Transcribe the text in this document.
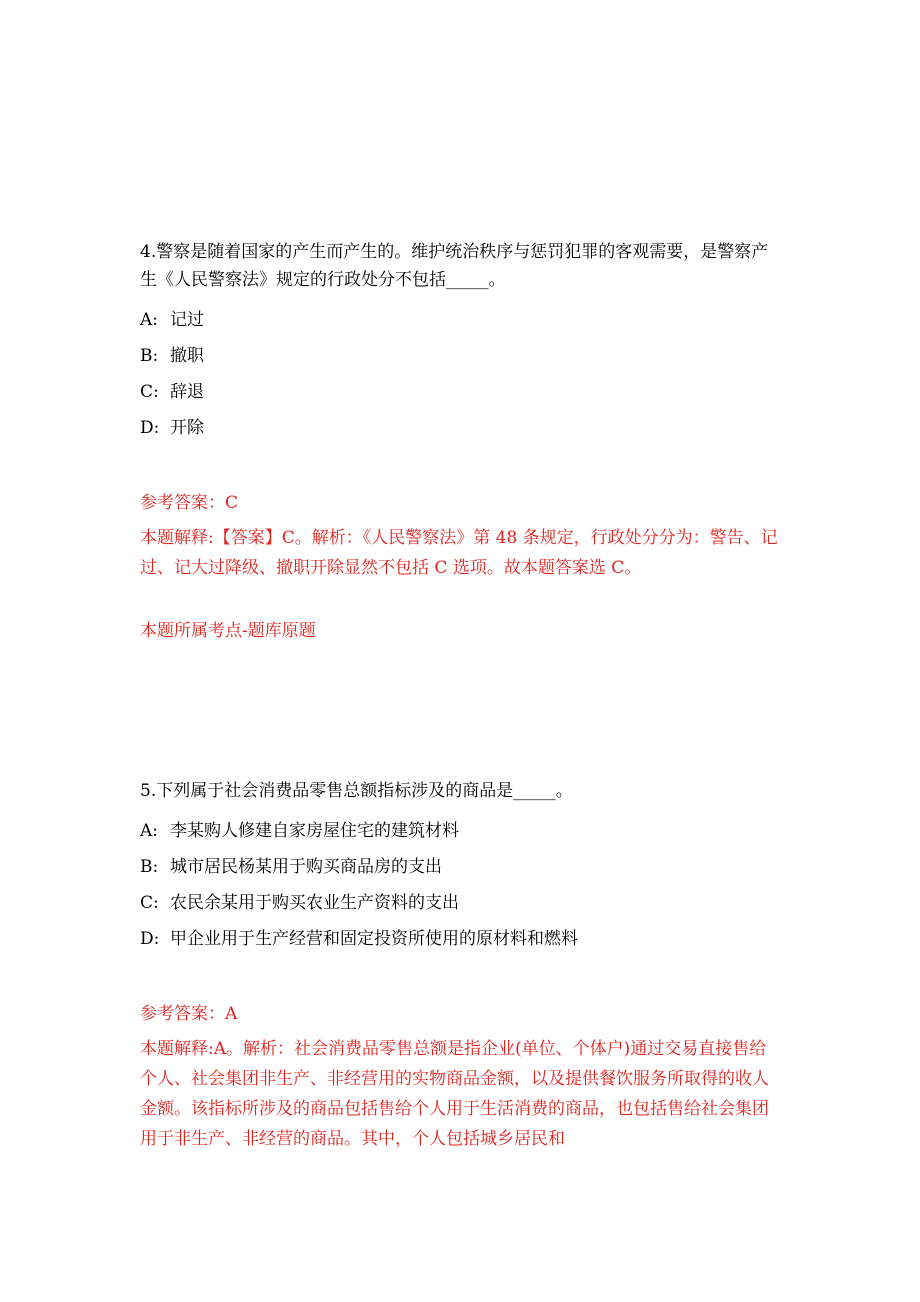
4.警察是随着国家的产生而产生的。维护统治秩序与惩罚犯罪的客观需要，是警察产生《人民警察法》规定的行政处分不包括_____。

A: 记过
B: 撤职
C: 辞退
D: 开除

参考答案：C

本题解释:【答案】C。解析：《人民警察法》第 48 条规定，行政处分分为：警告、记过、记大过降级、撤职开除显然不包括 C 选项。故本题答案选 C。

本题所属考点-题库原题

5.下列属于社会消费品零售总额指标涉及的商品是_____。

A: 李某购人修建自家房屋住宅的建筑材料
B: 城市居民杨某用于购买商品房的支出
C: 农民余某用于购买农业生产资料的支出
D: 甲企业用于生产经营和固定投资所使用的原材料和燃料

参考答案：A

本题解释:A。解析：社会消费品零售总额是指企业(单位、个体户)通过交易直接售给个人、社会集团非生产、非经营用的实物商品金额，以及提供餐饮服务所取得的收人金额。该指标所涉及的商品包括售给个人用于生活消费的商品，也包括售给社会集团用于非生产、非经营的商品。其中，个人包括城乡居民和
